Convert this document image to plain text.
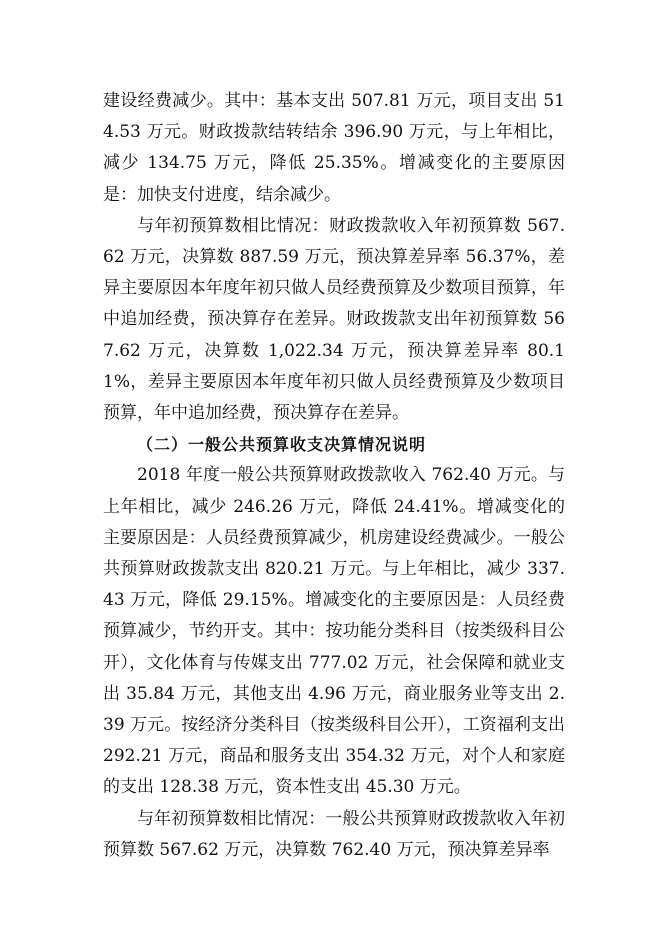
建设经费减少。其中：基本支出 507.81 万元，项目支出 514.53 万元。财政拨款结转结余 396.90 万元，与上年相比，减少 134.75 万元，降低 25.35%。增减变化的主要原因是：加快支付进度，结余减少。

与年初预算数相比情况：财政拨款收入年初预算数 567.62 万元，决算数 887.59 万元，预决算差异率 56.37%，差异主要原因本年度年初只做人员经费预算及少数项目预算，年中追加经费，预决算存在差异。财政拨款支出年初预算数 567.62 万元，决算数 1,022.34 万元，预决算差异率 80.11%，差异主要原因本年度年初只做人员经费预算及少数项目预算，年中追加经费，预决算存在差异。

（二）一般公共预算收支决算情况说明

2018 年度一般公共预算财政拨款收入 762.40 万元。与上年相比，减少 246.26 万元，降低 24.41%。增减变化的主要原因是：人员经费预算减少，机房建设经费减少。一般公共预算财政拨款支出 820.21 万元。与上年相比，减少 337.43 万元，降低 29.15%。增减变化的主要原因是：人员经费预算减少，节约开支。其中：按功能分类科目（按类级科目公开），文化体育与传媒支出 777.02 万元，社会保障和就业支出 35.84 万元，其他支出 4.96 万元，商业服务业等支出 2.39 万元。按经济分类科目（按类级科目公开），工资福利支出 292.21 万元，商品和服务支出 354.32 万元，对个人和家庭的支出 128.38 万元，资本性支出 45.30 万元。

与年初预算数相比情况：一般公共预算财政拨款收入年初预算数 567.62 万元，决算数 762.40 万元，预决算差异率
